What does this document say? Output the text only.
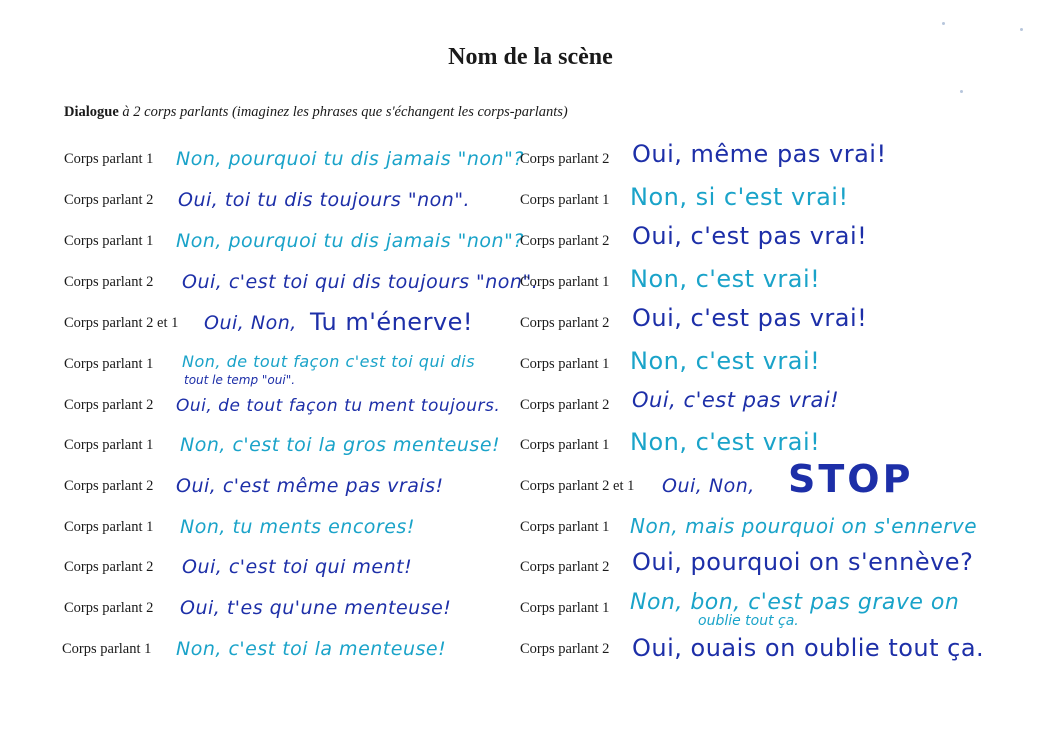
Nom de la scène
Dialogue à 2 corps parlants (imaginez les phrases que s'échangent les corps-parlants)
Corps parlant 1 Non, pourquoi tu dis jamais "non"?
Corps parlant 2 Oui, toi tu dis toujours "non".
Corps parlant 1 Non, pourquoi tu dis jamais "non"?
Corps parlant 2 Oui, c'est toi qui dis toujours "non".
Corps parlant 2 et 1 Oui, Non, Tu m'énerve!
Corps parlant 1 Non, de tout façon c'est toi qui dis
tout le temp "oui".
Corps parlant 2 Oui, de tout façon tu ment toujours.
Corps parlant 1 Non, c'est toi la gros menteuse!
Corps parlant 2 Oui, c'est même pas vrais!
Corps parlant 1 Non, tu ments encores!
Corps parlant 2 Oui, c'est toi qui ment!
Corps parlant 2 Oui, t'es qu'une menteuse!
Corps parlant 1 Non, c'est toi la menteuse!
Corps parlant 2 Oui, même pas vrai!
Corps parlant 1 Non, si c'est vrai!
Corps parlant 2 Oui, c'est pas vrai!
Corps parlant 1 Non, c'est vrai!
Corps parlant 2 Oui, c'est pas vrai!
Corps parlant 1 Non, c'est vrai!
Corps parlant 2 Oui, c'est pas vrai!
Corps parlant 1 Non, c'est vrai!
Corps parlant 2 et 1 Oui, Non, STOP
Corps parlant 1 Non, mais pourquoi on s'ennerve
Corps parlant 2 Oui, pourquoi on s'ennève?
Corps parlant 1 Non, bon, c'est pas grave on
oublie tout ça.
Corps parlant 2 Oui, ouais on oublie tout ça.
